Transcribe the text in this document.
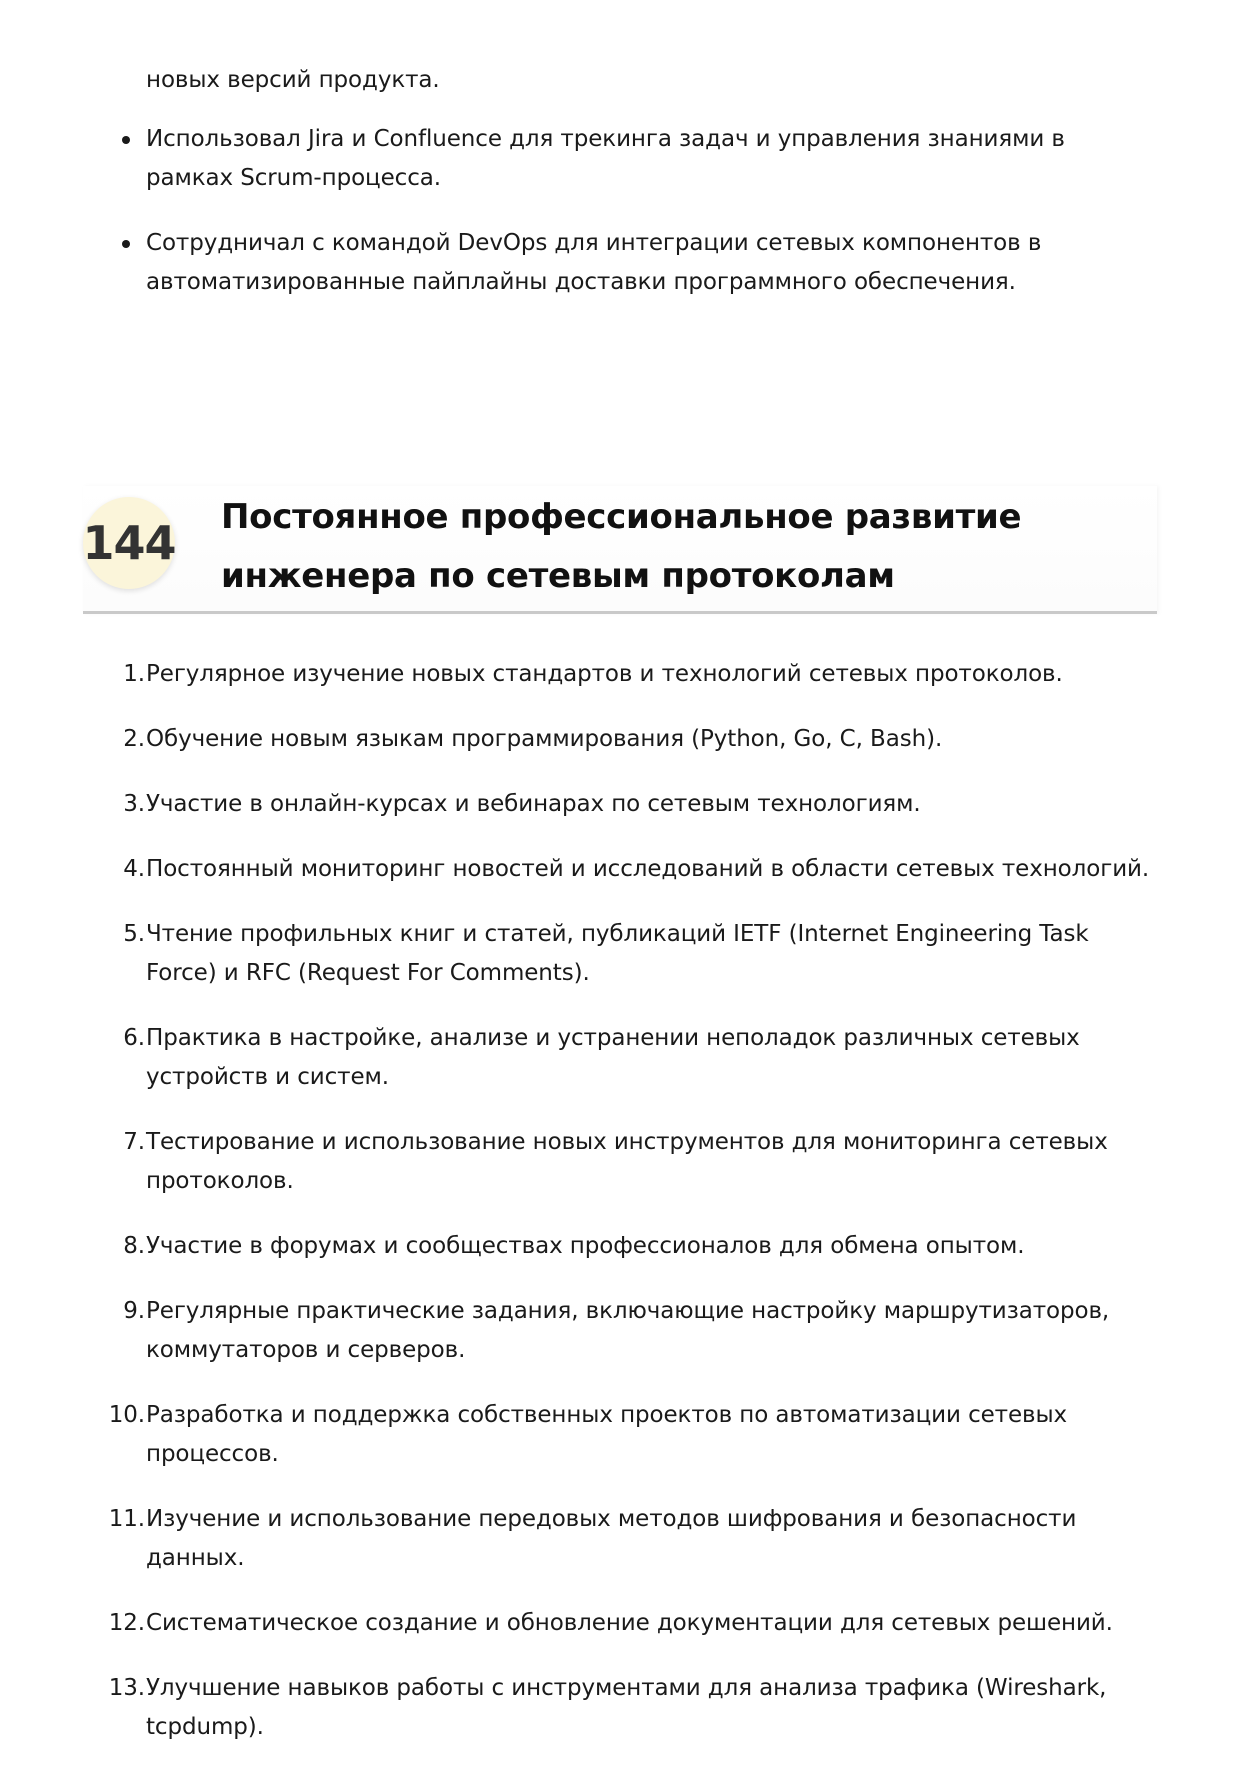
новых версий продукта.

Использовал Jira и Confluence для трекинга задач и управления знаниями в рамках Scrum-процесса.
Сотрудничал с командой DevOps для интеграции сетевых компонентов в автоматизированные пайплайны доставки программного обеспечения.
144 Постоянное профессиональное развитие инженера по сетевым протоколам
1. Регулярное изучение новых стандартов и технологий сетевых протоколов.
2. Обучение новым языкам программирования (Python, Go, C, Bash).
3. Участие в онлайн-курсах и вебинарах по сетевым технологиям.
4. Постоянный мониторинг новостей и исследований в области сетевых технологий.
5. Чтение профильных книг и статей, публикаций IETF (Internet Engineering Task Force) и RFC (Request For Comments).
6. Практика в настройке, анализе и устранении неполадок различных сетевых устройств и систем.
7. Тестирование и использование новых инструментов для мониторинга сетевых протоколов.
8. Участие в форумах и сообществах профессионалов для обмена опытом.
9. Регулярные практические задания, включающие настройку маршрутизаторов, коммутаторов и серверов.
10. Разработка и поддержка собственных проектов по автоматизации сетевых процессов.
11. Изучение и использование передовых методов шифрования и безопасности данных.
12. Систематическое создание и обновление документации для сетевых решений.
13. Улучшение навыков работы с инструментами для анализа трафика (Wireshark, tcpdump).
